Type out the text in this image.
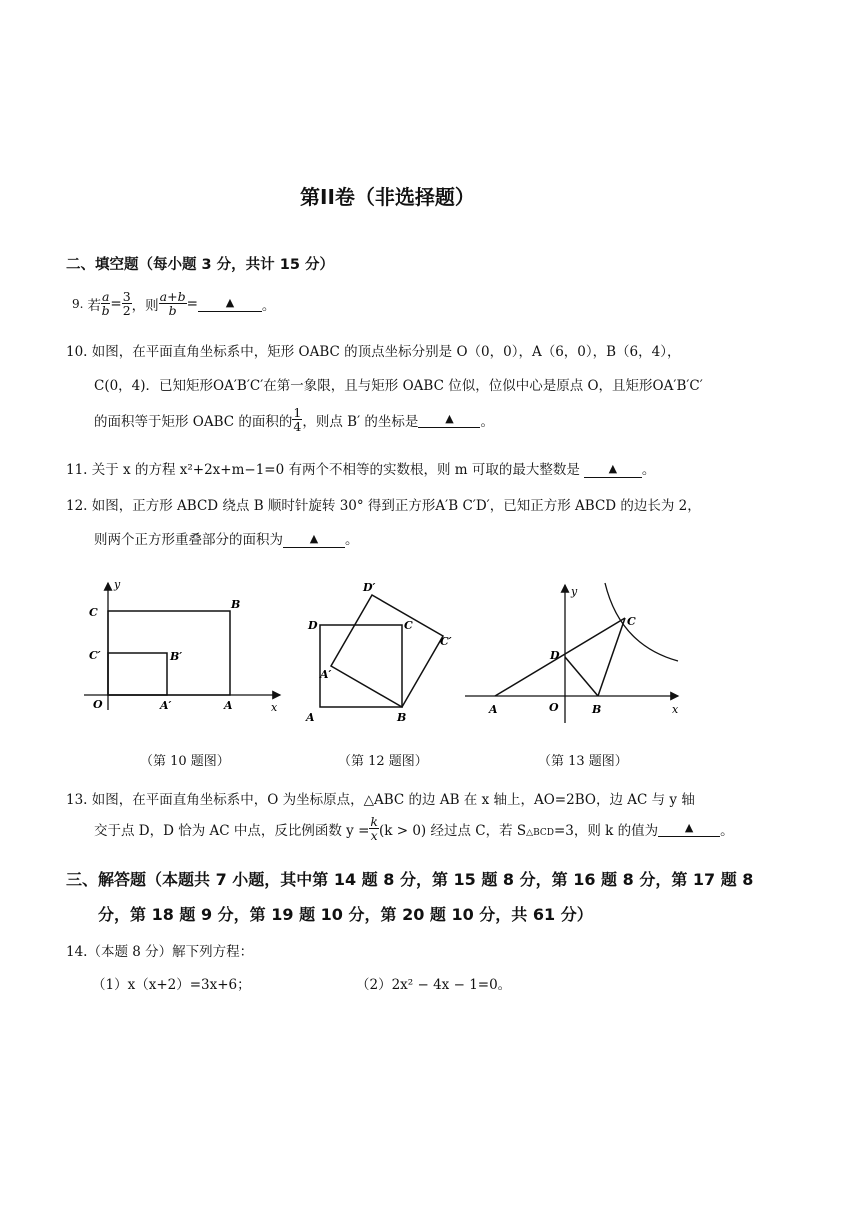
第II卷（非选择题）
二、填空题（每小题 3 分，共计 15 分）
9. 若 $\frac{a}{b} = \frac{3}{2}$ ，则 $\frac{a+b}{b}$ =	▲	。
10. 如图，在平面直角坐标系中，矩形 OABC 的顶点坐标分别是 O（0，0），A（6，0），B（6，4），
C(0，4)．已知矩形OA′B′C′在第一象限，且与矩形 OABC 位似，位似中心是原点 O，且矩形OA′B′C′
的面积等于矩形 OABC 的面积的 $\frac{1}{4}$ ，则点 B′ 的坐标是	▲	。
11. 关于 x 的方程 x²+2x+m−1=0 有两个不相等的实数根，则 m 可取的最大整数是	▲	。
12. 如图，正方形 ABCD 绕点 B 顺时针旋转 30° 得到正方形A′B C′D′，已知正方形 ABCD 的边长为 2，
则两个正方形重叠部分的面积为	▲	。
y
x
O
C
C′
B
B′
A′	A
（第 10 题图）
A	B
C
D
A′
C′
D′
（第 12 题图）
y
x
A	O	B
C
D
（第 13 题图）
13. 如图，在平面直角坐标系中，O 为坐标原点，△ABC 的边 AB 在 x 轴上，AO=2BO，边 AC 与 y 轴
交于点 D，D 恰为 AC 中点，反比例函数 $y = \frac{k}{x} (k > 0)$ 经过点 C，若 S △BCD =3，则 k 的值为	▲	。
三、解答题（本题共 7 小题，其中第 14 题 8 分，第 15 题 8 分，第 16 题 8 分，第 17 题 8
分，第 18 题 9 分，第 19 题 10 分，第 20 题 10 分，共 61 分）
14.（本题 8 分）解下列方程：
（1）x（x+2）=3x+6；	（2）2x² − 4x − 1=0。
